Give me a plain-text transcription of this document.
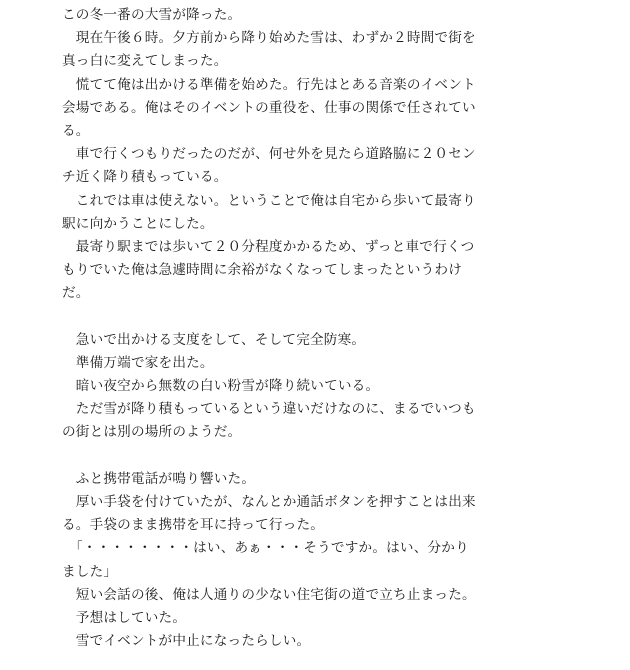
この冬一番の大雪が降った。
　現在午後６時。夕方前から降り始めた雪は、わずか２時間で街を
真っ白に変えてしまった。
　慌てて俺は出かける準備を始めた。行先はとある音楽のイベント
会場である。俺はそのイベントの重役を、仕事の関係で任されてい
る。
　車で行くつもりだったのだが、何せ外を見たら道路脇に２０セン
チ近く降り積もっている。
　これでは車は使えない。ということで俺は自宅から歩いて最寄り
駅に向かうことにした。
　最寄り駅までは歩いて２０分程度かかるため、ずっと車で行くつ
もりでいた俺は急遽時間に余裕がなくなってしまったというわけ
だ。
　急いで出かける支度をして、そして完全防寒。
　準備万端で家を出た。
　暗い夜空から無数の白い粉雪が降り続いている。
　ただ雪が降り積もっているという違いだけなのに、まるでいつも
の街とは別の場所のようだ。
　ふと携帯電話が鳴り響いた。
　厚い手袋を付けていたが、なんとか通話ボタンを押すことは出来
る。手袋のまま携帯を耳に持って行った。
　「・・・・・・・・はい、あぁ・・・そうですか。はい、分かり
ました」
　短い会話の後、俺は人通りの少ない住宅街の道で立ち止まった。
　予想はしていた。
　雪でイベントが中止になったらしい。
